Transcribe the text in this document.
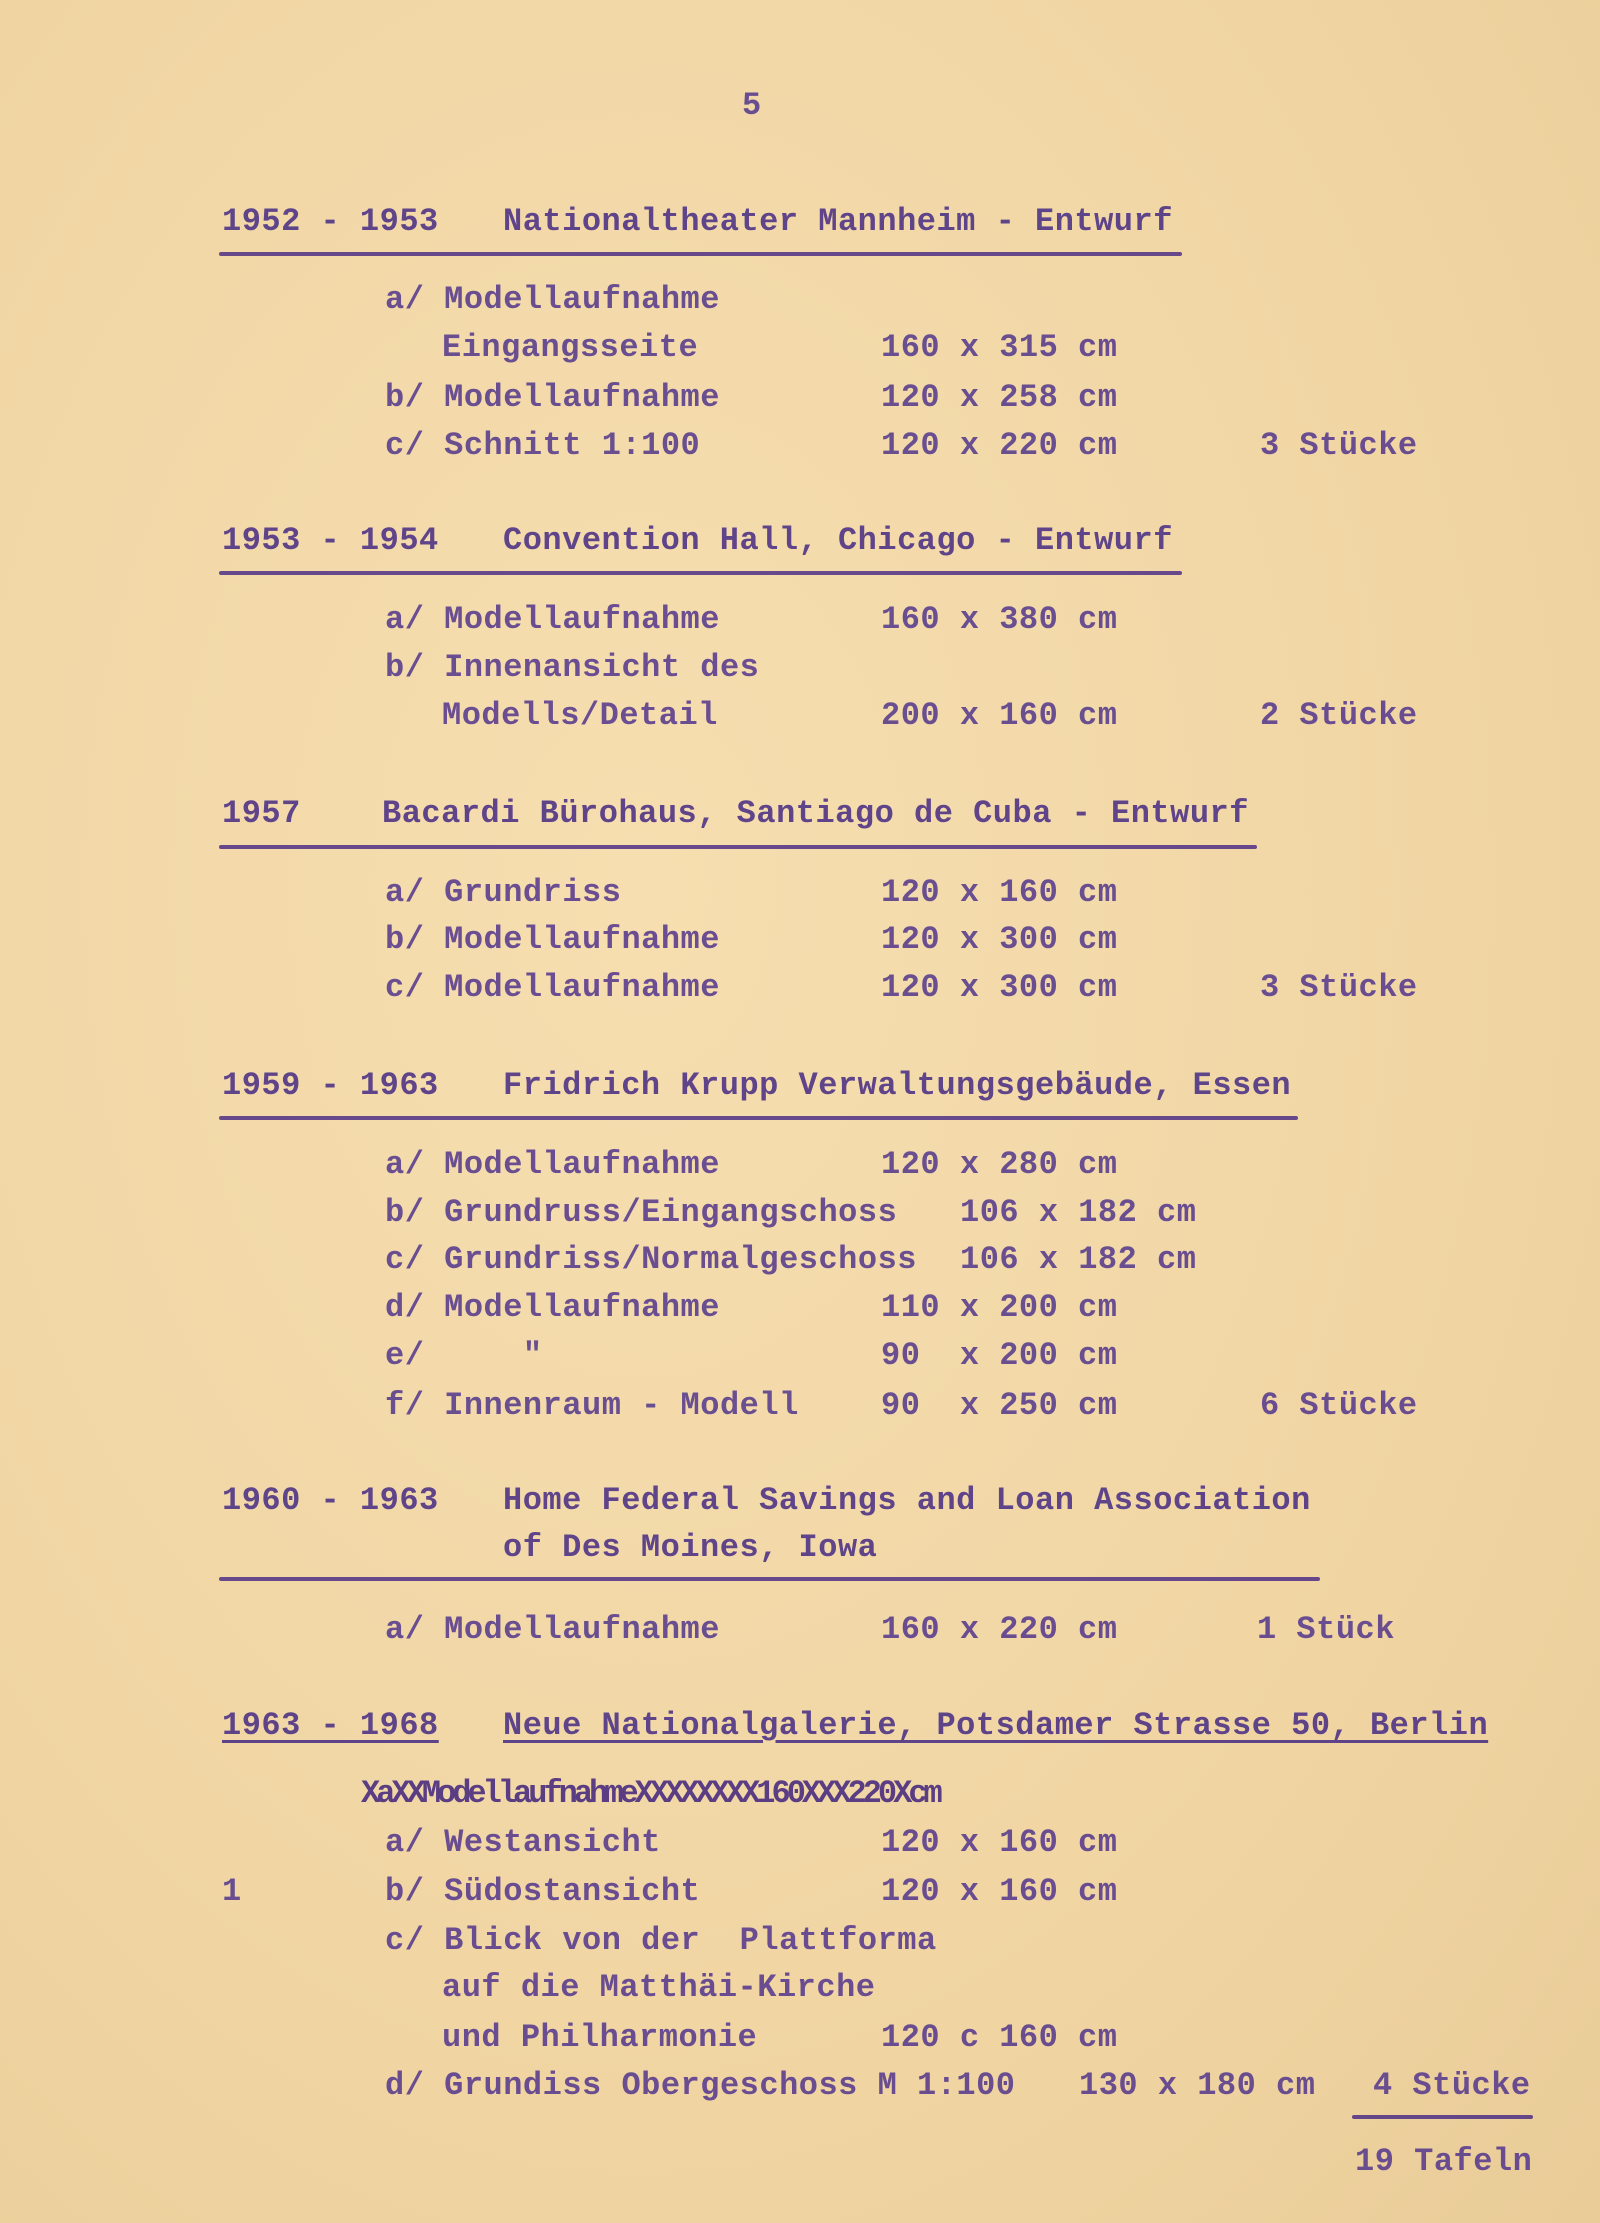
5
1952 - 1953 Nationaltheater Mannheim - Entwurf
a/ Modellaufnahme
Eingangsseite	160 x 315 cm
b/ Modellaufnahme	120 x 258 cm
c/ Schnitt 1:100	120 x 220 cm	3 Stücke
1953 - 1954 Convention Hall, Chicago - Entwurf
a/ Modellaufnahme	160 x 380 cm
b/ Innenansicht des
Modells/Detail	200 x 160 cm	2 Stücke
1957	Bacardi Bürohaus, Santiago de Cuba - Entwurf
a/ Grundriss	120 x 160 cm
b/ Modellaufnahme	120 x 300 cm
c/ Modellaufnahme	120 x 300 cm	3 Stücke
1959 - 1963 Fridrich Krupp Verwaltungsgebäude, Essen
a/ Modellaufnahme	120 x 280 cm
b/ Grundruss/Eingangschoss 106 x 182 cm
c/ Grundriss/Normalgeschoss 106 x 182 cm
d/ Modellaufnahme	110 x 200 cm
e/     "	90  x 200 cm
f/ Innenraum - Modell	90  x 250 cm	6 Stücke
1960 - 1963 Home Federal Savings and Loan Association
of Des Moines, Iowa
a/ Modellaufnahme	160 x 220 cm	1 Stück
1963 - 1968 Neue Nationalgalerie, Potsdamer Strasse 50, Berlin
XaXXModellaufnahmeXXXXXXXX160XXX220Xcm
1
a/ Westansicht	120 x 160 cm
b/ Südostansicht	120 x 160 cm
c/ Blick von der  Plattforma
auf die Matthäi-Kirche
und Philharmonie	120 c 160 cm
d/ Grundiss Obergeschoss M 1:100 130 x 180 cm 4 Stücke
19 Tafeln
